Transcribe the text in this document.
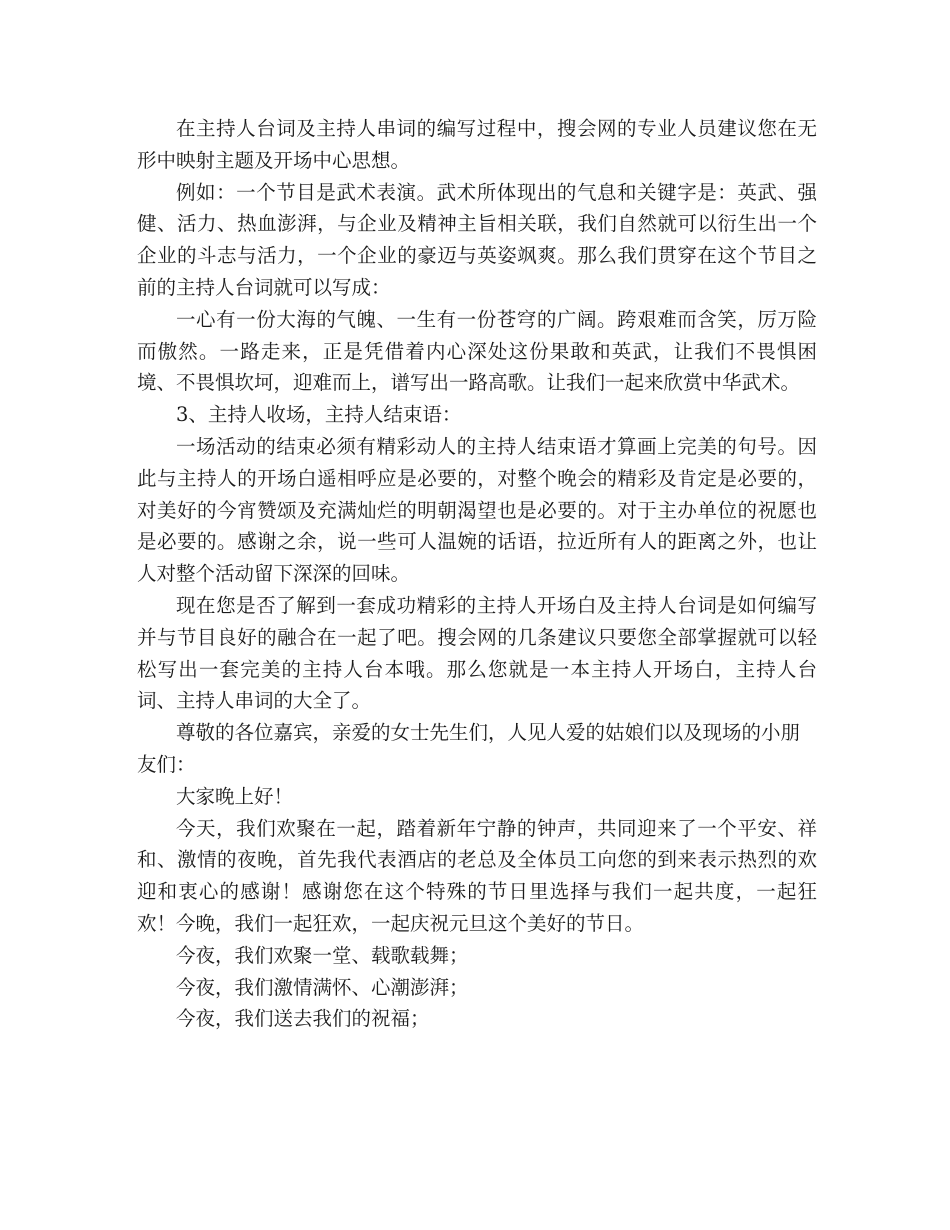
在主持人台词及主持人串词的编写过程中，搜会网的专业人员建议您在无形中映射主题及开场中心思想。

例如：一个节目是武术表演。武术所体现出的气息和关键字是：英武、强健、活力、热血澎湃，与企业及精神主旨相关联，我们自然就可以衍生出一个企业的斗志与活力，一个企业的豪迈与英姿飒爽。那么我们贯穿在这个节目之前的主持人台词就可以写成：

一心有一份大海的气魄、一生有一份苍穹的广阔。跨艰难而含笑，厉万险而傲然。一路走来，正是凭借着内心深处这份果敢和英武，让我们不畏惧困境、不畏惧坎坷，迎难而上，谱写出一路高歌。让我们一起来欣赏中华武术。

3、主持人收场，主持人结束语：

一场活动的结束必须有精彩动人的主持人结束语才算画上完美的句号。因此与主持人的开场白遥相呼应是必要的，对整个晚会的精彩及肯定是必要的，对美好的今宵赞颂及充满灿烂的明朝渴望也是必要的。对于主办单位的祝愿也是必要的。感谢之余，说一些可人温婉的话语，拉近所有人的距离之外，也让人对整个活动留下深深的回味。

现在您是否了解到一套成功精彩的主持人开场白及主持人台词是如何编写并与节目良好的融合在一起了吧。搜会网的几条建议只要您全部掌握就可以轻松写出一套完美的主持人台本哦。那么您就是一本主持人开场白，主持人台词、主持人串词的大全了。

尊敬的各位嘉宾，亲爱的女士先生们，人见人爱的姑娘们以及现场的小朋友们：

大家晚上好！

今天，我们欢聚在一起，踏着新年宁静的钟声，共同迎来了一个平安、祥和、激情的夜晚，首先我代表酒店的老总及全体员工向您的到来表示热烈的欢迎和衷心的感谢！感谢您在这个特殊的节日里选择与我们一起共度，一起狂欢！今晚，我们一起狂欢，一起庆祝元旦这个美好的节日。

今夜，我们欢聚一堂、载歌载舞；

今夜，我们激情满怀、心潮澎湃；

今夜，我们送去我们的祝福；
